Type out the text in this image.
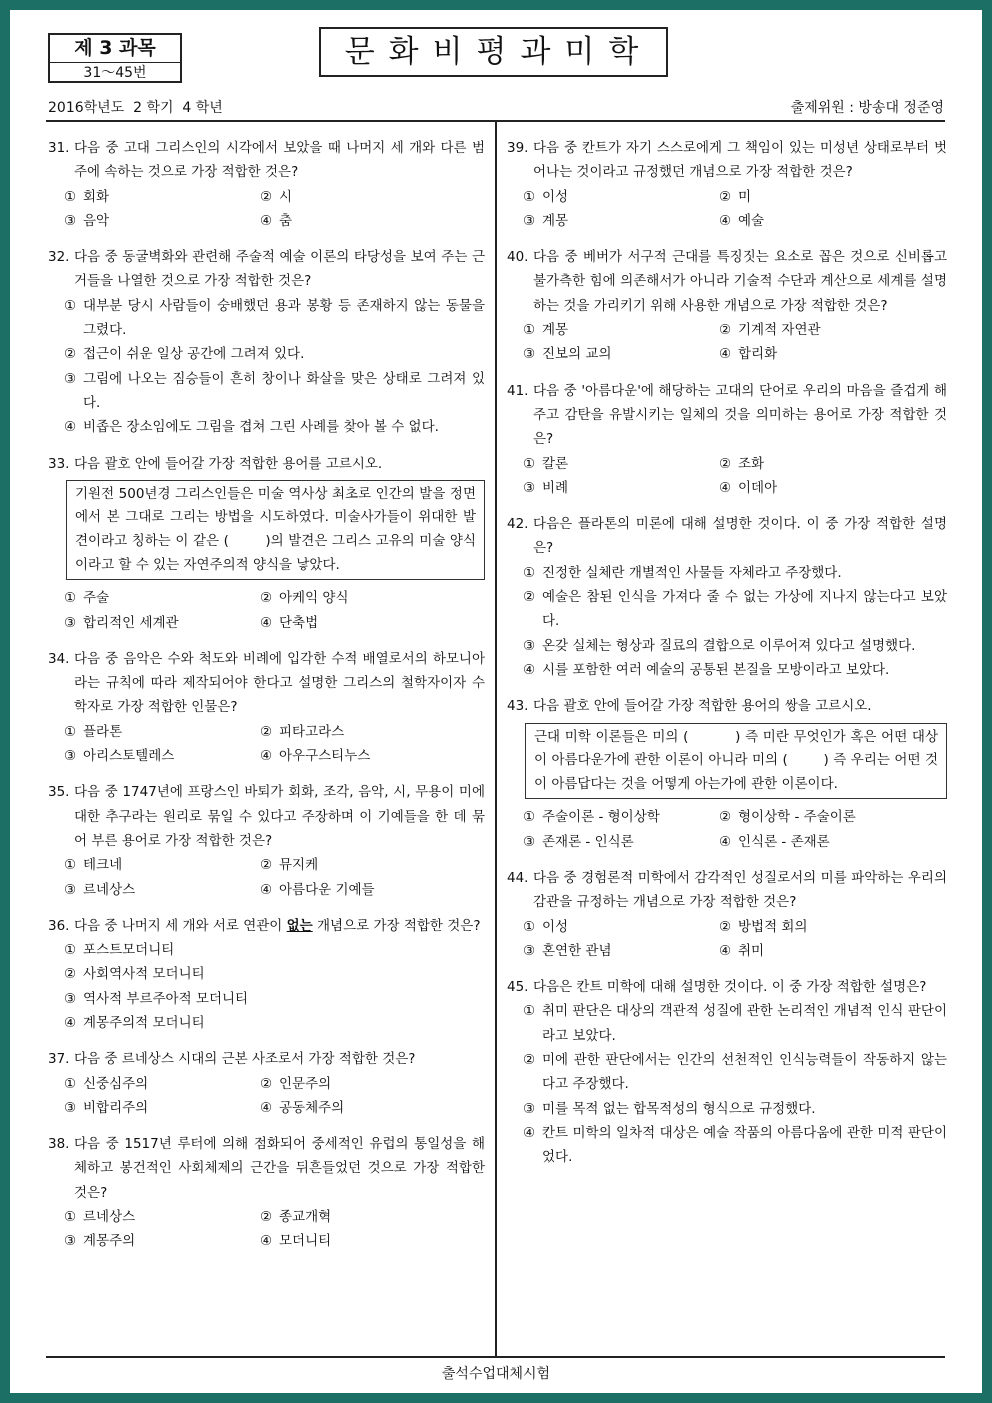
제 3 과목
31～45번
문화비평과미학
2016학년도  2 학기  4 학년	출제위원 : 방송대 정준영
출석수업대체시험
31. 다음 중 고대 그리스인의 시각에서 보았을 때 나머지 세 개와 다른 범주에 속하는 것으로 가장 적합한 것은?
① 회화	② 시
③ 음악	④ 춤
32. 다음 중 동굴벽화와 관련해 주술적 예술 이론의 타당성을 보여 주는 근거들을 나열한 것으로 가장 적합한 것은?
① 대부분 당시 사람들이 숭배했던 용과 봉황 등 존재하지 않는 동물을 그렸다.
② 접근이 쉬운 일상 공간에 그려져 있다.
③ 그림에 나오는 짐승들이 흔히 창이나 화살을 맞은 상태로 그려져 있다.
④ 비좁은 장소임에도 그림을 겹쳐 그린 사례를 찾아 볼 수 없다.
33. 다음 괄호 안에 들어갈 가장 적합한 용어를 고르시오.
기원전 500년경 그리스인들은 미술 역사상 최초로 인간의 발을 정면에서 본 그대로 그리는 방법을 시도하였다. 미술사가들이 위대한 발견이라고 칭하는 이 같은 (        )의 발견은 그리스 고유의 미술 양식이라고 할 수 있는 자연주의적 양식을 낳았다.
① 주술	② 아케익 양식
③ 합리적인 세계관	④ 단축법
34. 다음 중 음악은 수와 척도와 비례에 입각한 수적 배열로서의 하모니아라는 규칙에 따라 제작되어야 한다고 설명한 그리스의 철학자이자 수학자로 가장 적합한 인물은?
① 플라톤	② 피타고라스
③ 아리스토텔레스	④ 아우구스티누스
35. 다음 중 1747년에 프랑스인 바퇴가 회화, 조각, 음악, 시, 무용이 미에 대한 추구라는 원리로 묶일 수 있다고 주장하며 이 기예들을 한 데 묶어 부른 용어로 가장 적합한 것은?
① 테크네	② 뮤지케
③ 르네상스	④ 아름다운 기예들
36. 다음 중 나머지 세 개와 서로 연관이 없는 개념으로 가장 적합한 것은?
① 포스트모더니티
② 사회역사적 모더니티
③ 역사적 부르주아적 모더니티
④ 계몽주의적 모더니티
37. 다음 중 르네상스 시대의 근본 사조로서 가장 적합한 것은?
① 신중심주의	② 인문주의
③ 비합리주의	④ 공동체주의
38. 다음 중 1517년 루터에 의해 점화되어 중세적인 유럽의 통일성을 해체하고 봉건적인 사회체제의 근간을 뒤흔들었던 것으로 가장 적합한 것은?
① 르네상스	② 종교개혁
③ 계몽주의	④ 모더니티
39. 다음 중 칸트가 자기 스스로에게 그 책임이 있는 미성년 상태로부터 벗어나는 것이라고 규정했던 개념으로 가장 적합한 것은?
① 이성	② 미
③ 계몽	④ 예술
40. 다음 중 베버가 서구적 근대를 특징짓는 요소로 꼽은 것으로 신비롭고 불가측한 힘에 의존해서가 아니라 기술적 수단과 계산으로 세계를 설명하는 것을 가리키기 위해 사용한 개념으로 가장 적합한 것은?
① 계몽	② 기계적 자연관
③ 진보의 교의	④ 합리화
41. 다음 중 '아름다운'에 해당하는 고대의 단어로 우리의 마음을 즐겁게 해주고 감탄을 유발시키는 일체의 것을 의미하는 용어로 가장 적합한 것은?
① 칼론	② 조화
③ 비례	④ 이데아
42. 다음은 플라톤의 미론에 대해 설명한 것이다. 이 중 가장 적합한 설명은?
① 진정한 실체란 개별적인 사물들 자체라고 주장했다.
② 예술은 참된 인식을 가져다 줄 수 없는 가상에 지나지 않는다고 보았다.
③ 온갖 실체는 형상과 질료의 결합으로 이루어져 있다고 설명했다.
④ 시를 포함한 여러 예술의 공통된 본질을 모방이라고 보았다.
43. 다음 괄호 안에 들어갈 가장 적합한 용어의 쌍을 고르시오.
근대 미학 이론들은 미의 (          ) 즉 미란 무엇인가 혹은 어떤 대상이 아름다운가에 관한 이론이 아니라 미의 (        ) 즉 우리는 어떤 것이 아름답다는 것을 어떻게 아는가에 관한 이론이다.
① 주술이론 - 형이상학	② 형이상학 - 주술이론
③ 존재론 - 인식론	④ 인식론 - 존재론
44. 다음 중 경험론적 미학에서 감각적인 성질로서의 미를 파악하는 우리의 감관을 규정하는 개념으로 가장 적합한 것은?
① 이성	② 방법적 회의
③ 혼연한 관념	④ 취미
45. 다음은 칸트 미학에 대해 설명한 것이다. 이 중 가장 적합한 설명은?
① 취미 판단은 대상의 객관적 성질에 관한 논리적인 개념적 인식 판단이라고 보았다.
② 미에 관한 판단에서는 인간의 선천적인 인식능력들이 작동하지 않는다고 주장했다.
③ 미를 목적 없는 합목적성의 형식으로 규정했다.
④ 칸트 미학의 일차적 대상은 예술 작품의 아름다움에 관한 미적 판단이었다.
